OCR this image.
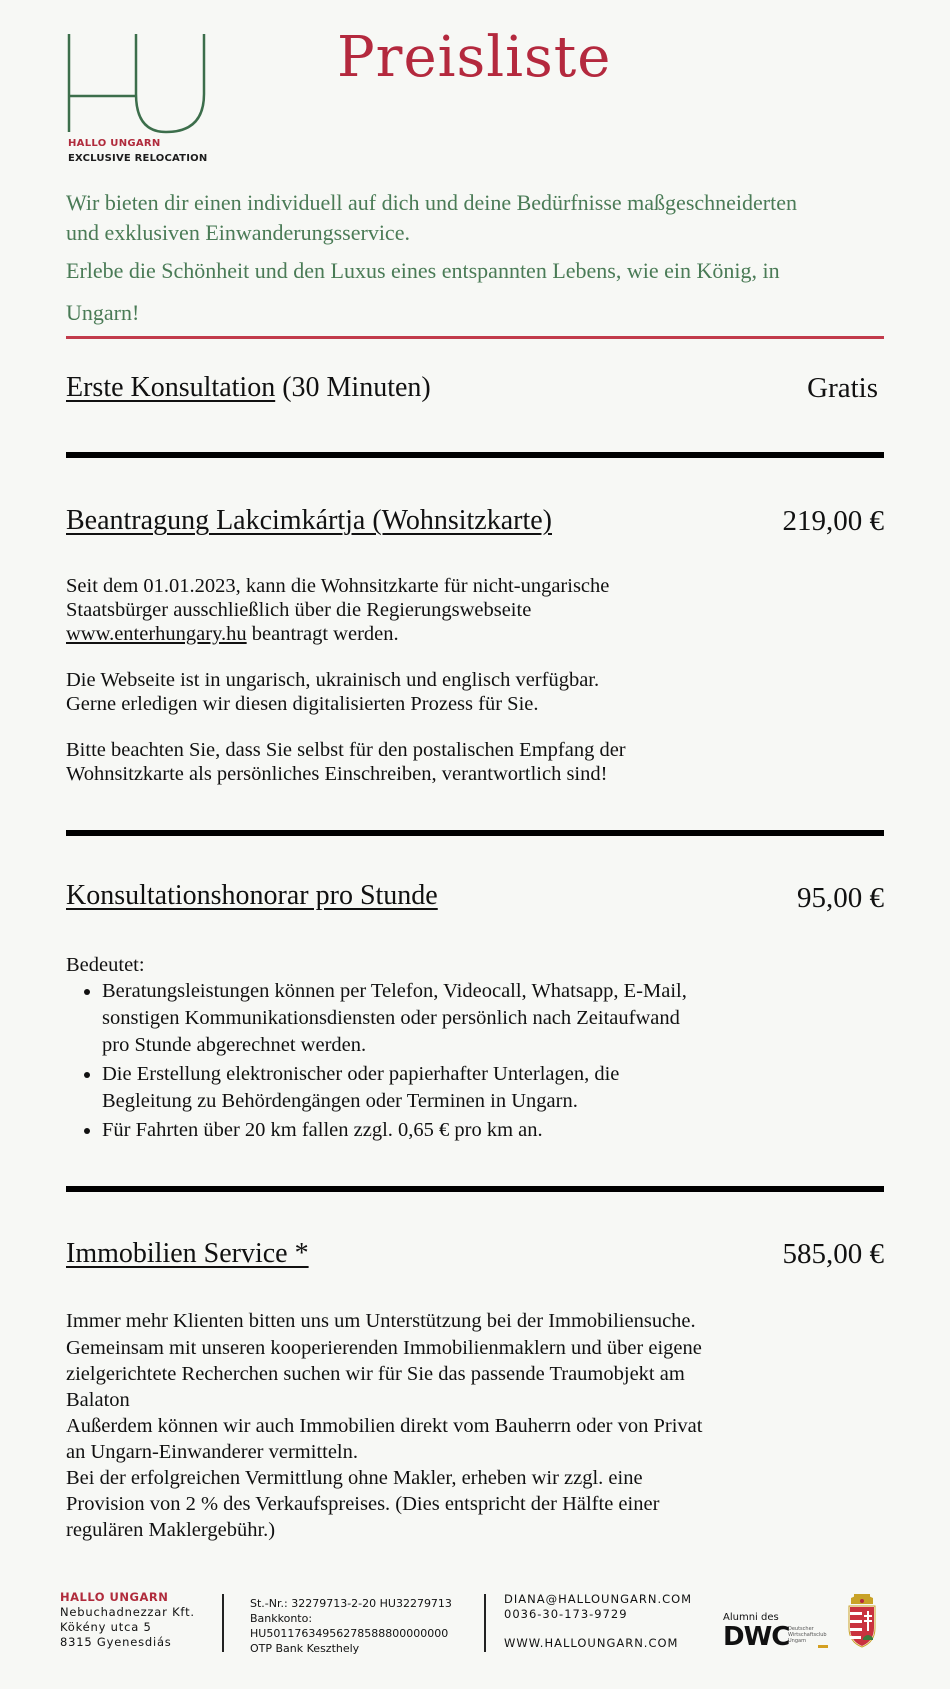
HALLO UNGARN
EXCLUSIVE RELOCATION
Preisliste

Wir bieten dir einen individuell auf dich und deine Bedürfnisse maßgeschneiderten

und exklusiven Einwanderungsservice.

Erlebe die Schönheit und den Luxus eines entspannten Lebens, wie ein König, in

Ungarn!

Erste Konsultation (30 Minuten)	Gratis
Beantragung Lakcimkártja (Wohnsitzkarte)	219,00 €

Seit dem 01.01.2023, kann die Wohnsitzkarte für nicht-ungarische

Staatsbürger ausschließlich über die Regierungswebseite

www.enterhungary.hu beantragt werden.

Die Webseite ist in ungarisch, ukrainisch und englisch verfügbar.

Gerne erledigen wir diesen digitalisierten Prozess für Sie.

Bitte beachten Sie, dass Sie selbst für den postalischen Empfang der

Wohnsitzkarte als persönliches Einschreiben, verantwortlich sind!

Konsultationshonorar pro Stunde	95,00 €

Bedeutet:

Beratungsleistungen können per Telefon, Videocall, Whatsapp, E-Mail,
sonstigen Kommunikationsdiensten oder persönlich nach Zeitaufwand
pro Stunde abgerechnet werden.
Die Erstellung elektronischer oder papierhafter Unterlagen, die
Begleitung zu Behördengängen oder Terminen in Ungarn.
Für Fahrten über 20 km fallen zzgl. 0,65 € pro km an.
Immobilien Service *	585,00 €

Immer mehr Klienten bitten uns um Unterstützung bei der Immobiliensuche.

Gemeinsam mit unseren kooperierenden Immobilienmaklern und über eigene

zielgerichtete Recherchen suchen wir für Sie das passende Traumobjekt am

Balaton

Außerdem können wir auch Immobilien direkt vom Bauherrn oder von Privat

an Ungarn-Einwanderer vermitteln.

Bei der erfolgreichen Vermittlung ohne Makler, erheben wir zzgl. eine

Provision von 2 % des Verkaufspreises. (Dies entspricht der Hälfte einer

regulären Maklergebühr.)

HALLO UNGARN
Nebuchadnezzar Kft.
Kökény utca 5
8315 Gyenesdiás
St.-Nr.: 32279713-2-20 HU32279713
Bankkonto:
HU50117634956278588800000000
OTP Bank Keszthely
DIANA@HALLOUNGARN.COM
0036-30-173-9729
WWW.HALLOUNGARN.COM
Alumni des
DWC
Deutscher
Wirtschaftsclub
Ungarn
